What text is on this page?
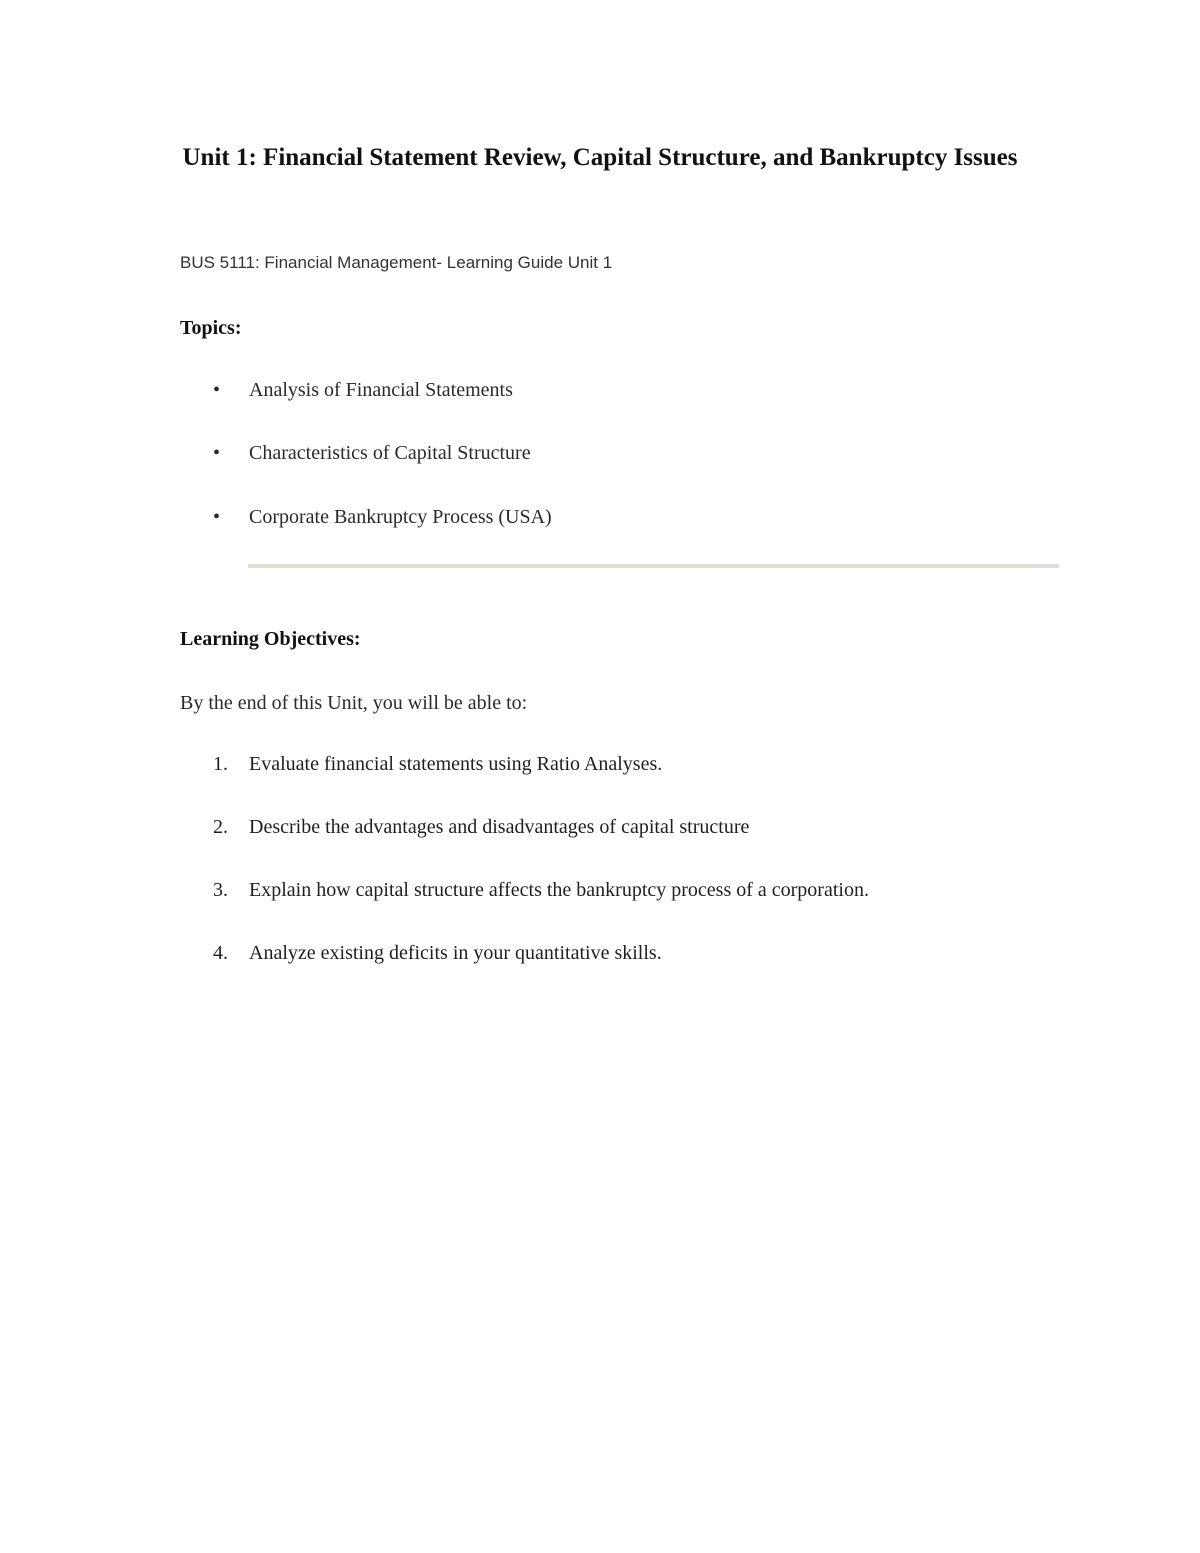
Unit 1: Financial Statement Review, Capital Structure, and Bankruptcy Issues
BUS 5111: Financial Management- Learning Guide Unit 1
Topics:
• Analysis of Financial Statements
• Characteristics of Capital Structure
• Corporate Bankruptcy Process (USA)
Learning Objectives:
By the end of this Unit, you will be able to:
1. Evaluate financial statements using Ratio Analyses.
2. Describe the advantages and disadvantages of capital structure
3. Explain how capital structure affects the bankruptcy process of a corporation.
4. Analyze existing deficits in your quantitative skills.
